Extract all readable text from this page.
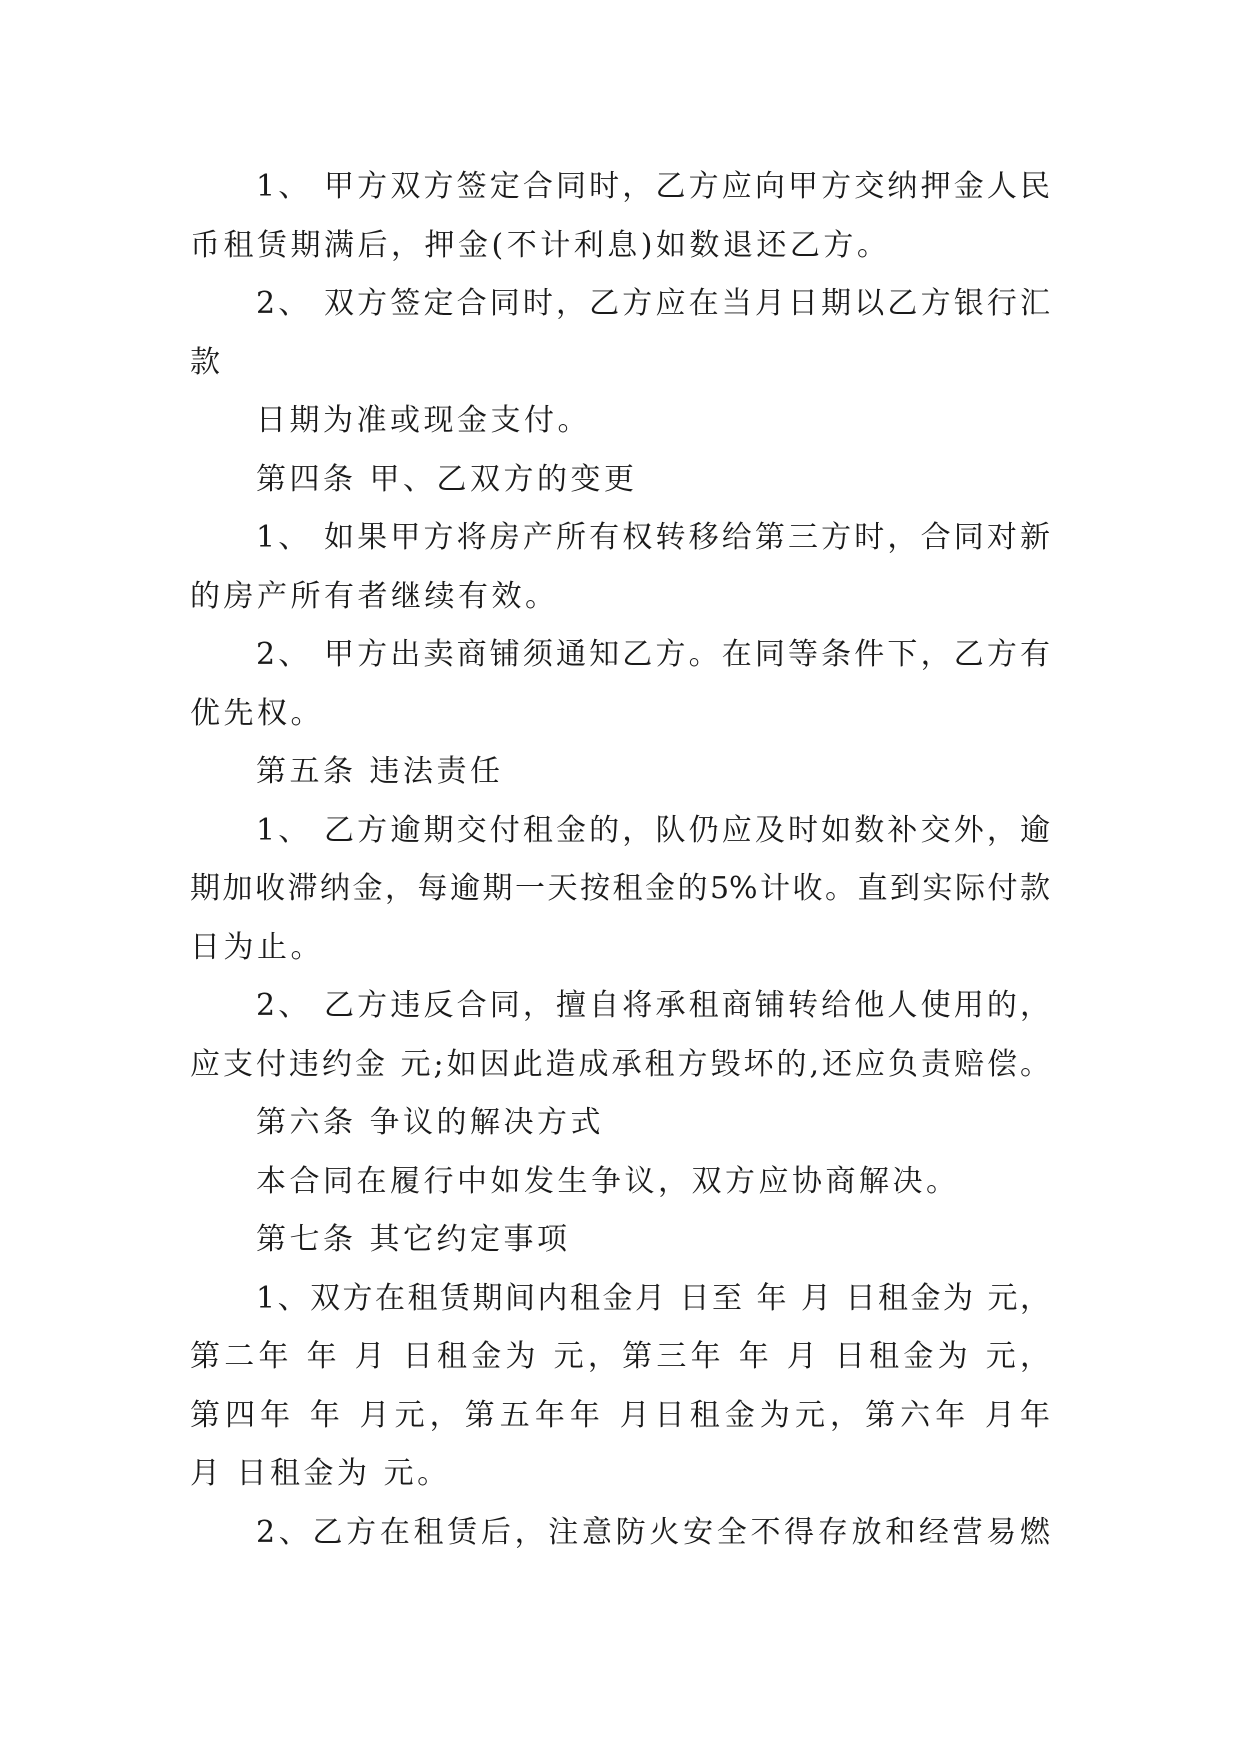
1、 甲方双方签定合同时，乙方应向甲方交纳押金人民
币租赁期满后，押金(不计利息)如数退还乙方。
2、 双方签定合同时，乙方应在当月日期以乙方银行汇
款
日期为准或现金支付。
第四条 甲、乙双方的变更
1、 如果甲方将房产所有权转移给第三方时，合同对新
的房产所有者继续有效。
2、 甲方出卖商铺须通知乙方。在同等条件下，乙方有
优先权。
第五条 违法责任
1、 乙方逾期交付租金的，队仍应及时如数补交外，逾
期加收滞纳金，每逾期一天按租金的5%计收。直到实际付款
日为止。
2、 乙方违反合同，擅自将承租商铺转给他人使用的，
应支付违约金 元;如因此造成承租方毁坏的,还应负责赔偿。
第六条 争议的解决方式
本合同在履行中如发生争议，双方应协商解决。
第七条 其它约定事项
1、双方在租赁期间内租金月 日至 年 月 日租金为 元，
第二年 年 月 日租金为 元，第三年 年 月 日租金为 元，
第四年 年 月元，第五年年 月日租金为元，第六年 月年
月 日租金为 元。
2、乙方在租赁后，注意防火安全不得存放和经营易燃
